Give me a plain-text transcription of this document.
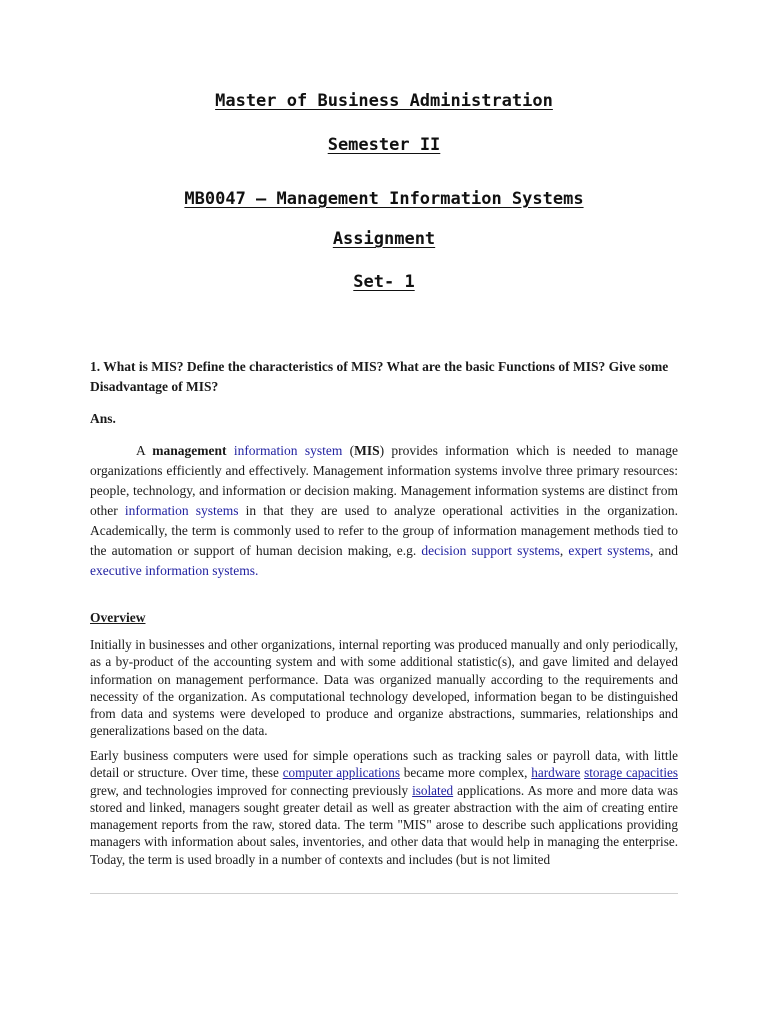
Master of Business Administration
Semester II
MB0047 – Management Information Systems
Assignment
Set- 1
1. What is MIS? Define the characteristics of MIS? What are the basic Functions of MIS? Give some Disadvantage of MIS?
Ans.
A management information system (MIS) provides information which is needed to manage organizations efficiently and effectively. Management information systems involve three primary resources: people, technology, and information or decision making. Management information systems are distinct from other information systems in that they are used to analyze operational activities in the organization. Academically, the term is commonly used to refer to the group of information management methods tied to the automation or support of human decision making, e.g. decision support systems, expert systems, and executive information systems.
Overview
Initially in businesses and other organizations, internal reporting was produced manually and only periodically, as a by-product of the accounting system and with some additional statistic(s), and gave limited and delayed information on management performance. Data was organized manually according to the requirements and necessity of the organization. As computational technology developed, information began to be distinguished from data and systems were developed to produce and organize abstractions, summaries, relationships and generalizations based on the data.
Early business computers were used for simple operations such as tracking sales or payroll data, with little detail or structure. Over time, these computer applications became more complex, hardware storage capacities grew, and technologies improved for connecting previously isolated applications. As more and more data was stored and linked, managers sought greater detail as well as greater abstraction with the aim of creating entire management reports from the raw, stored data. The term "MIS" arose to describe such applications providing managers with information about sales, inventories, and other data that would help in managing the enterprise. Today, the term is used broadly in a number of contexts and includes (but is not limited
